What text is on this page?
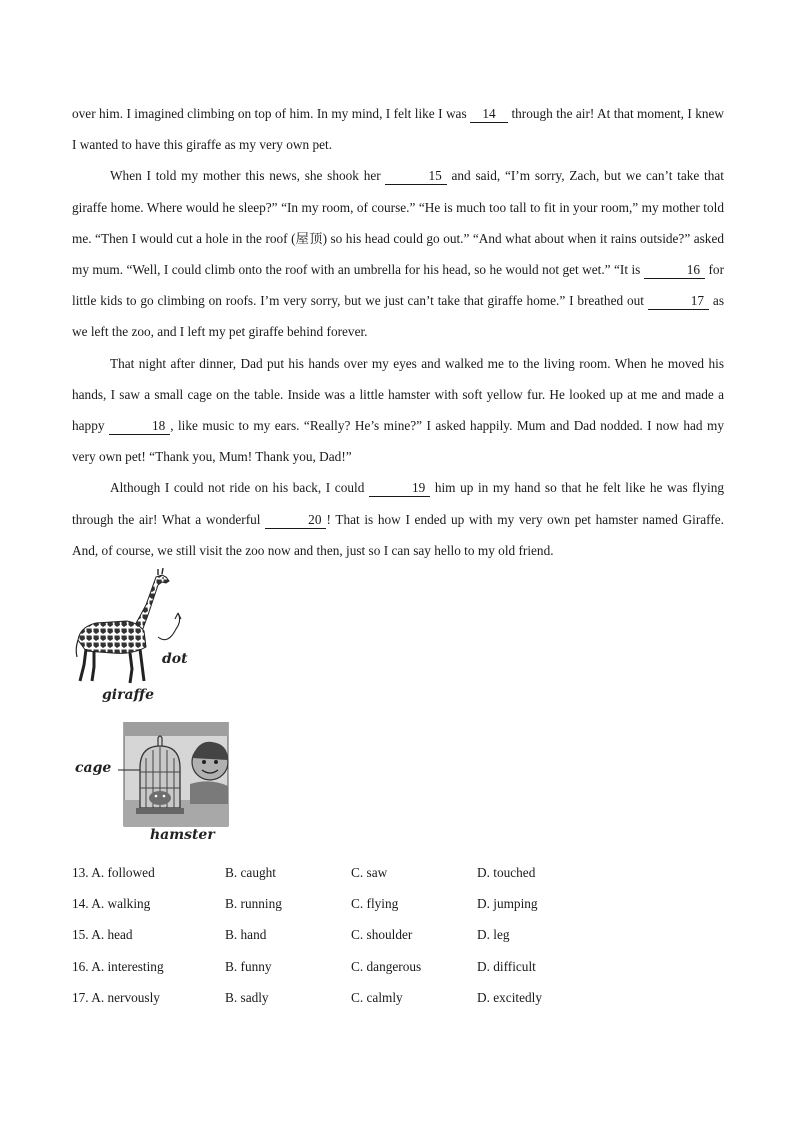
over him. I imagined climbing on top of him. In my mind, I felt like I was 14 through the air! At that moment, I knew I wanted to have this giraffe as my very own pet.

When I told my mother this news, she shook her	15 and said, “I’m sorry, Zach, but we can’t take that giraffe home. Where would he sleep?” “In my room, of course.” “He is much too tall to fit in your room,” my mother told me. “Then I would cut a hole in the roof (屋顶) so his head could go out.” “And what about when it rains outside?” asked my mum. “Well, I could climb onto the roof with an umbrella for his head, so he would not get wet.” “It is	16 for little kids to go climbing on roofs. I’m very sorry, but we just can’t take that giraffe home.” I breathed out	17 as we left the zoo, and I left my pet giraffe behind forever.

That night after dinner, Dad put his hands over my eyes and walked me to the living room. When he moved his hands, I saw a small cage on the table. Inside was a little hamster with soft yellow fur. He looked up at me and made a happy	18 , like music to my ears. “Really? He’s mine?” I asked happily. Mum and Dad nodded. I now had my very own pet! “Thank you, Mum! Thank you, Dad!”

Although I could not ride on his back, I could	19 him up in my hand so that he felt like he was flying through the air! What a wonderful	20 ! That is how I ended up with my very own pet hamster named Giraffe. And, of course, we still visit the zoo now and then, just so I can say hello to my old friend.

dot
giraffe
cage
hamster
13. A. followed	B. caught	C. saw	D. touched
14. A. walking	B. running	C. flying	D. jumping
15. A. head	B. hand	C. shoulder	D. leg
16. A. interesting	B. funny	C. dangerous	D. difficult
17. A. nervously	B. sadly	C. calmly	D. excitedly
